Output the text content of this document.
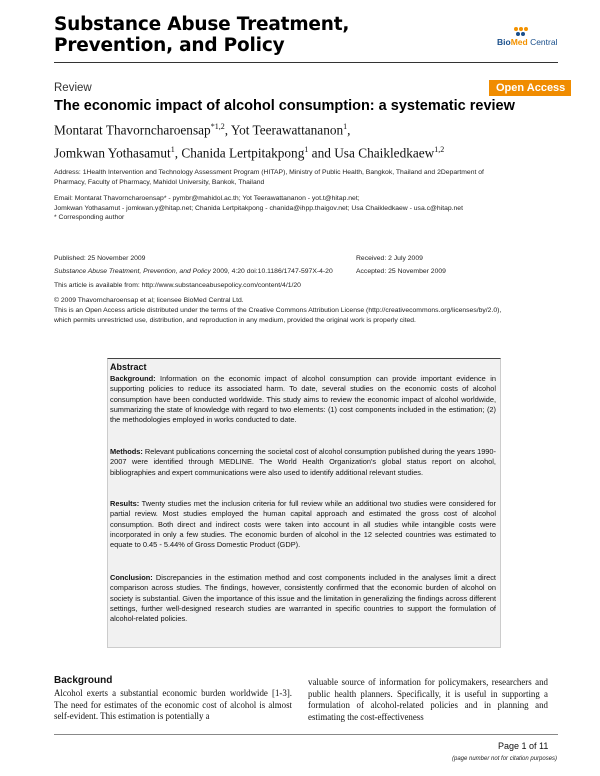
Substance Abuse Treatment,
Prevention, and Policy	BioMed Central
Review	Open Access
The economic impact of alcohol consumption: a systematic review
Montarat Thavorncharoensap$^{*1,2}$, Yot Teerawattananon$^1$,
Jomkwan Yothasamut$^1$, Chanida Lertpitakpong$^1$ and Usa Chaikledkaew$^{1,2}$
Address: 1Health Intervention and Technology Assessment Program (HITAP), Ministry of Public Health, Bangkok, Thailand and 2Department of
Pharmacy, Faculty of Pharmacy, Mahidol University, Bankok, Thailand
Email: Montarat Thavorncharoensap* - pymbr@mahidol.ac.th; Yot Teerawattananon - yot.t@hitap.net;
Jomkwan Yothasamut - jomkwan.y@hitap.net; Chanida Lertpitakpong - chanida@ihpp.thaigov.net; Usa Chaikledkaew - usa.c@hitap.net
* Corresponding author
Published: 25 November 2009	Received: 2 July 2009
Substance Abuse Treatment, Prevention, and Policy 2009, 4:20 doi:10.1186/1747-597X-4-20	Accepted: 25 November 2009
This article is available from: http://www.substanceabusepolicy.com/content/4/1/20
© 2009 Thavorncharoensap et al; licensee BioMed Central Ltd.
This is an Open Access article distributed under the terms of the Creative Commons Attribution License (http://creativecommons.org/licenses/by/2.0),
which permits unrestricted use, distribution, and reproduction in any medium, provided the original work is properly cited.
Abstract
Background: Information on the economic impact of alcohol consumption can provide important evidence in supporting policies to reduce its associated harm. To date, several studies on the economic costs of alcohol consumption have been conducted worldwide. This study aims to review the economic impact of alcohol worldwide, summarizing the state of knowledge with regard to two elements: (1) cost components included in the estimation; (2) the methodologies employed in works conducted to date.
Methods: Relevant publications concerning the societal cost of alcohol consumption published during the years 1990-2007 were identified through MEDLINE. The World Health Organization's global status report on alcohol, bibliographies and expert communications were also used to identify additional relevant studies.
Results: Twenty studies met the inclusion criteria for full review while an additional two studies were considered for partial review. Most studies employed the human capital approach and estimated the gross cost of alcohol consumption. Both direct and indirect costs were taken into account in all studies while intangible costs were incorporated in only a few studies. The economic burden of alcohol in the 12 selected countries was estimated to equate to 0.45 - 5.44% of Gross Domestic Product (GDP).
Conclusion: Discrepancies in the estimation method and cost components included in the analyses limit a direct comparison across studies. The findings, however, consistently confirmed that the economic burden of alcohol on society is substantial. Given the importance of this issue and the limitation in generalizing the findings across different settings, further well-designed research studies are warranted in specific countries to support the formulation of alcohol-related policies.
Background
Alcohol exerts a substantial economic burden worldwide [1-3]. The need for estimates of the economic cost of alcohol is almost self-evident. This estimation is potentially a
valuable source of information for policymakers, researchers and public health planners. Specifically, it is useful in supporting a formulation of alcohol-related policies and in planning and estimating the cost-effectiveness
Page 1 of 11
(page number not for citation purposes)
